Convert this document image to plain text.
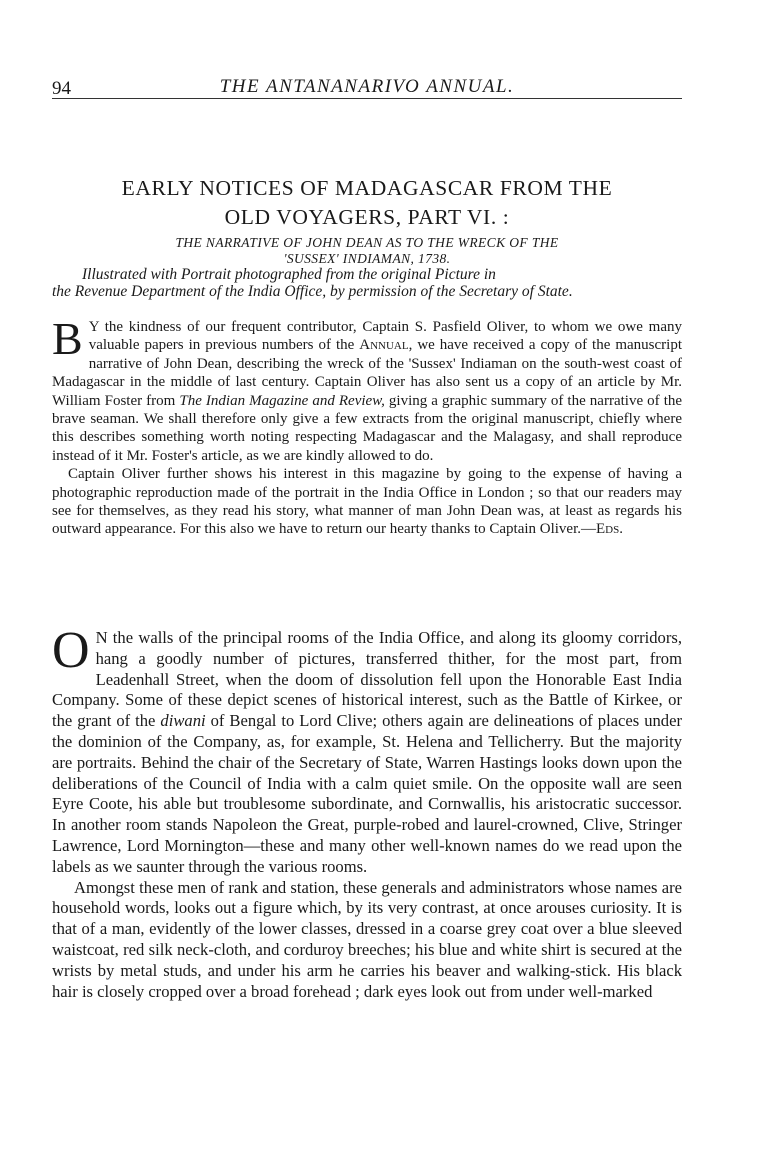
94	THE ANTANANARIVO ANNUAL.
EARLY NOTICES OF MADAGASCAR FROM THE
OLD VOYAGERS, PART VI. :
THE NARRATIVE OF JOHN DEAN AS TO THE WRECK OF THE
'SUSSEX' INDIAMAN, 1738.
Illustrated with Portrait photographed from the original Picture in
the Revenue Department of the India Office, by permission of the Secretary of State.

B Y the kindness of our frequent contributor, Captain S. Pasfield Oliver, to whom we owe many valuable papers in previous numbers of the Annual, we have received a copy of the manuscript narrative of John Dean, describing the wreck of the 'Sussex' Indiaman on the south-west coast of Madagascar in the middle of last century. Captain Oliver has also sent us a copy of an article by Mr. William Foster from The Indian Magazine and Review, giving a graphic summary of the narrative of the brave seaman. We shall therefore only give a few extracts from the original manuscript, chiefly where this describes something worth noting respecting Madagascar and the Malagasy, and shall reproduce instead of it Mr. Foster's article, as we are kindly allowed to do.

Captain Oliver further shows his interest in this magazine by going to the expense of having a photographic reproduction made of the portrait in the India Office in London ; so that our readers may see for themselves, as they read his story, what manner of man John Dean was, at least as regards his outward appearance. For this also we have to return our hearty thanks to Captain Oliver.—Eds.

O N the walls of the principal rooms of the India Office, and along its gloomy corridors, hang a goodly number of pictures, transferred thither, for the most part, from Leadenhall Street, when the doom of dissolution fell upon the Honorable East India Company. Some of these depict scenes of historical interest, such as the Battle of Kirkee, or the grant of the diwani of Bengal to Lord Clive; others again are delineations of places under the dominion of the Company, as, for example, St. Helena and Tellicherry. But the majority are portraits. Behind the chair of the Secretary of State, Warren Hastings looks down upon the deliberations of the Council of India with a calm quiet smile. On the opposite wall are seen Eyre Coote, his able but troublesome subordinate, and Cornwallis, his aristocratic successor. In another room stands Napoleon the Great, purple-robed and laurel-crowned, Clive, Stringer Lawrence, Lord Mornington—these and many other well-known names do we read upon the labels as we saunter through the various rooms.

Amongst these men of rank and station, these generals and administrators whose names are household words, looks out a figure which, by its very contrast, at once arouses curiosity. It is that of a man, evidently of the lower classes, dressed in a coarse grey coat over a blue sleeved waistcoat, red silk neck-cloth, and corduroy breeches; his blue and white shirt is secured at the wrists by metal studs, and under his arm he carries his beaver and walking-stick. His black hair is closely cropped over a broad forehead ; dark eyes look out from under well-marked
